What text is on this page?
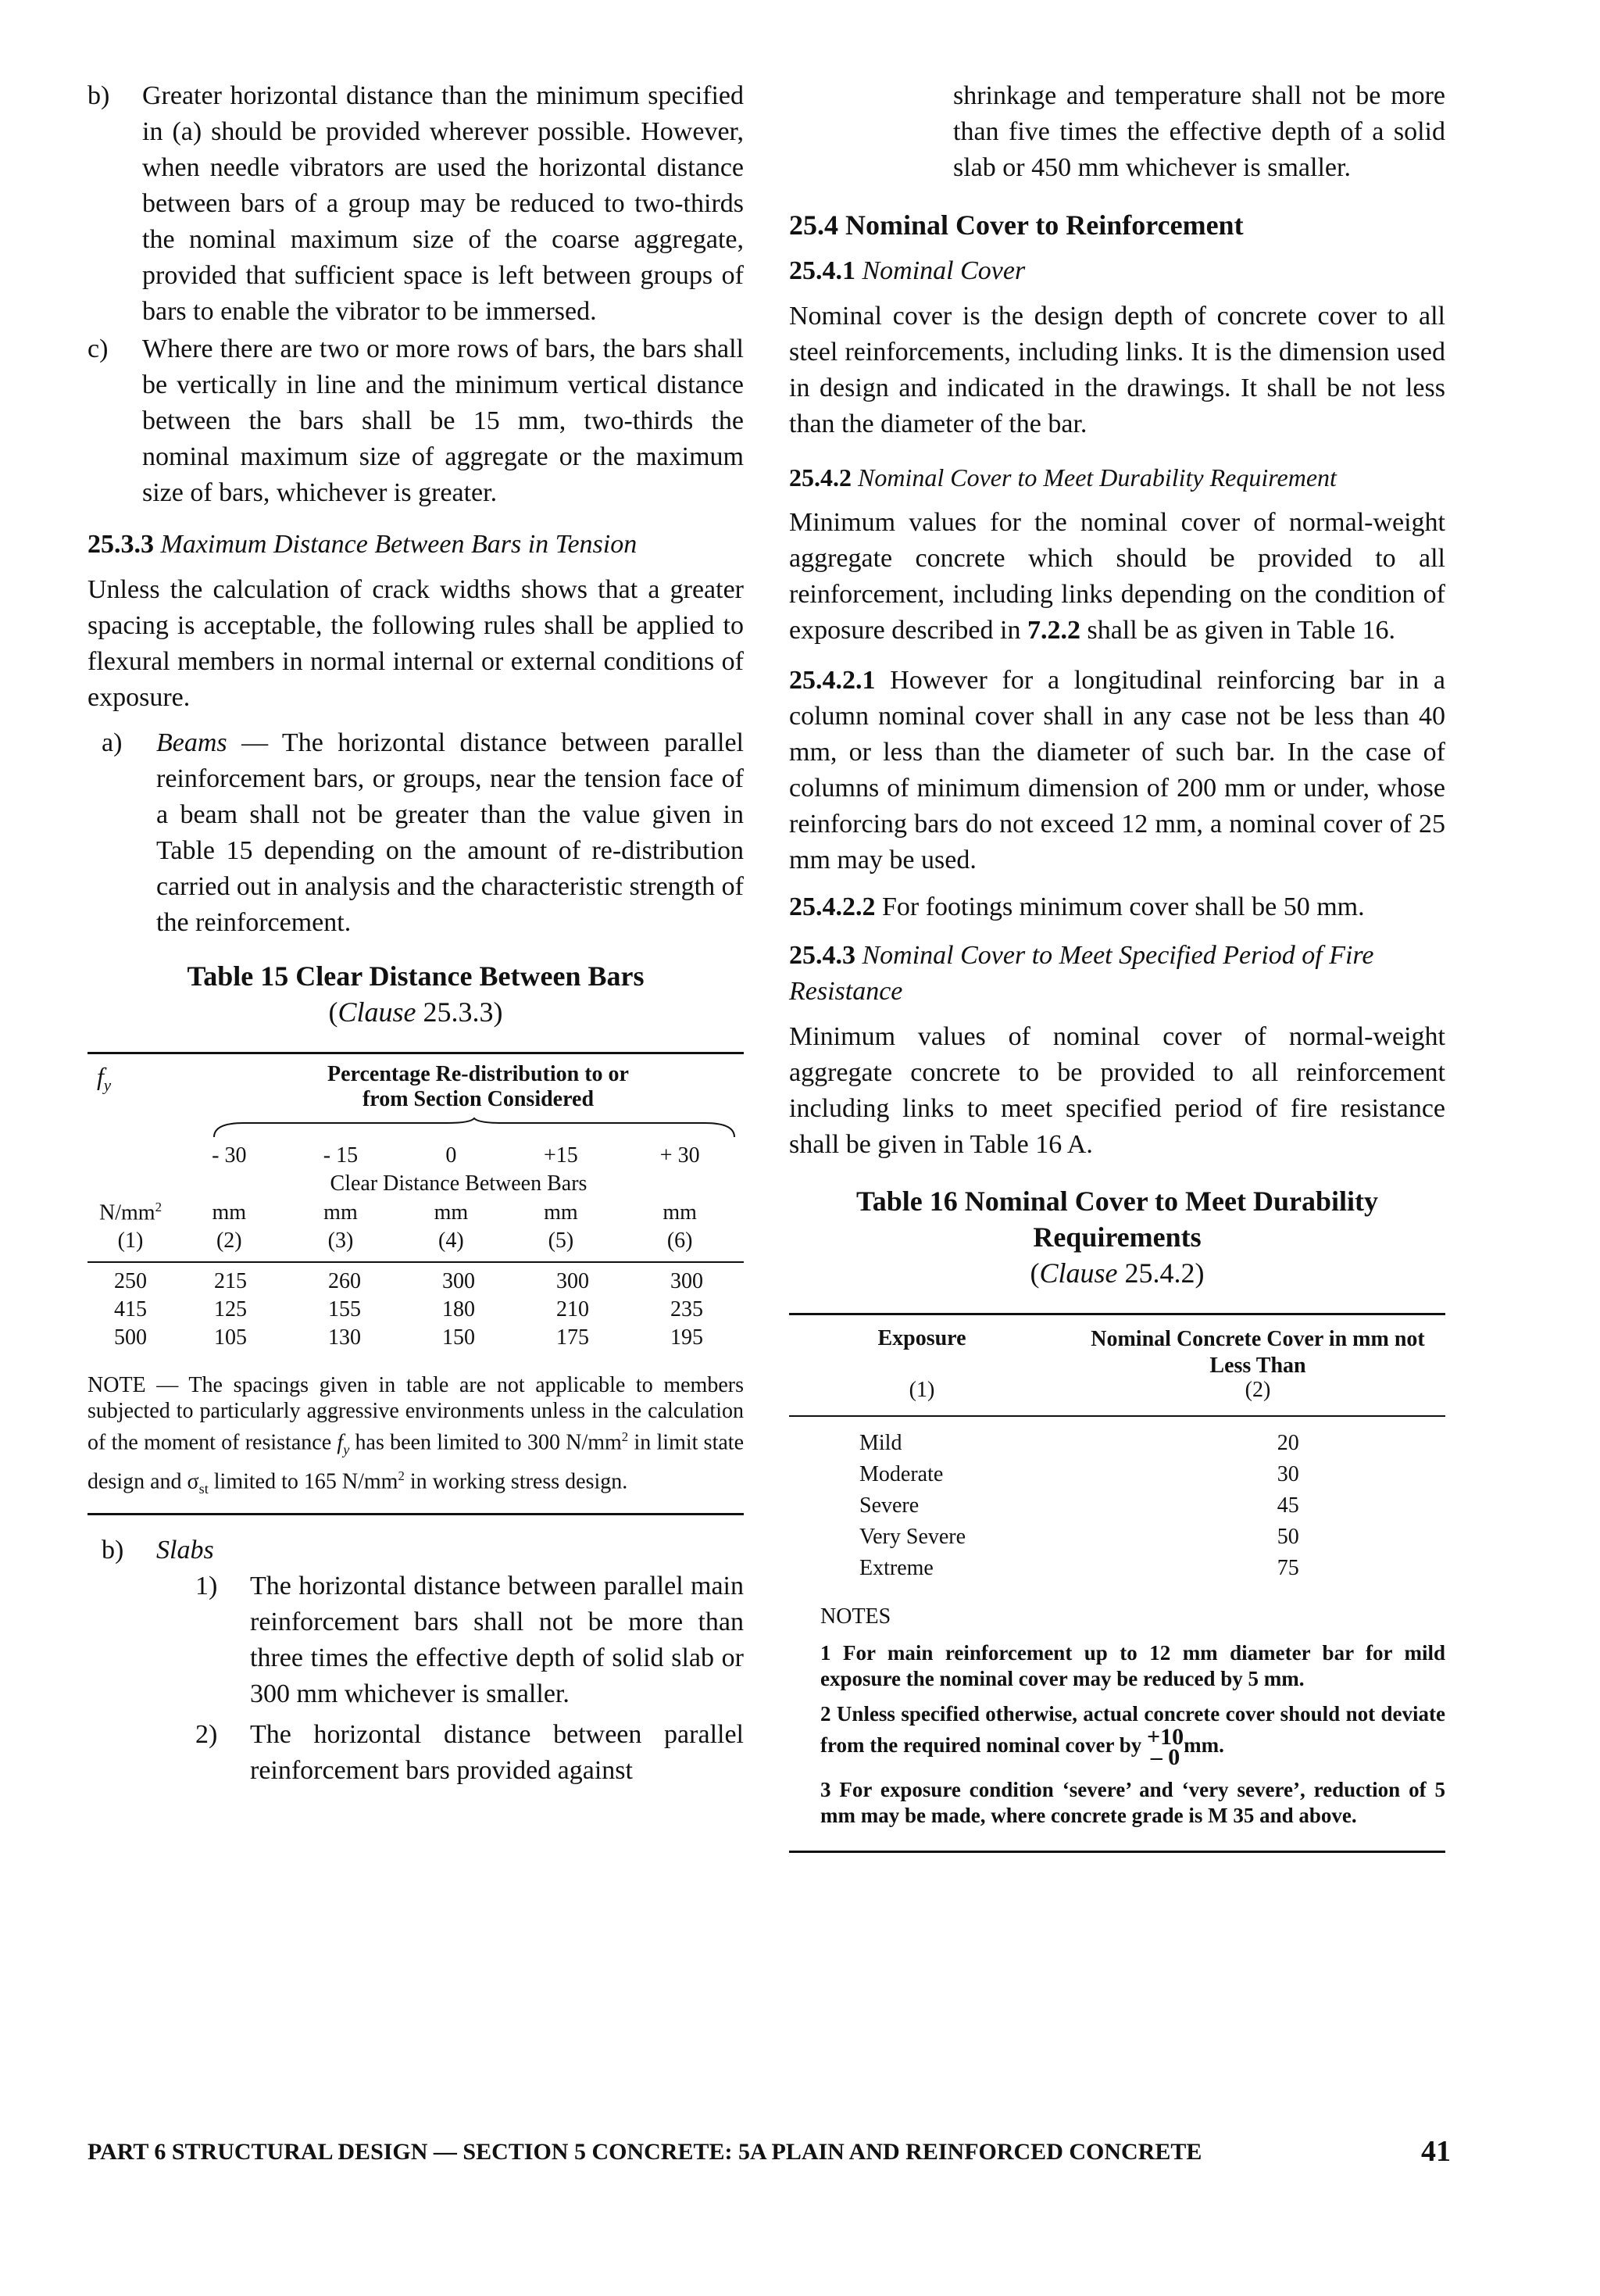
b)	Greater horizontal distance than the minimum specified in (a) should be provided wherever possible. However, when needle vibrators are used the horizontal distance between bars of a group may be reduced to two-thirds the nominal maximum size of the coarse aggregate, provided that sufficient space is left between groups of bars to enable the vibrator to be immersed.
c)	Where there are two or more rows of bars, the bars shall be vertically in line and the minimum vertical distance between the bars shall be 15 mm, two-thirds the nominal maximum size of aggregate or the maximum size of bars, whichever is greater.

25.3.3 Maximum Distance Between Bars in Tension

Unless the calculation of crack widths shows that a greater spacing is acceptable, the following rules shall be applied to flexural members in normal internal or external conditions of exposure.

a)	Beams — The horizontal distance between parallel reinforcement bars, or groups, near the tension face of a beam shall not be greater than the value given in Table 15 depending on the amount of re-distribution carried out in analysis and the characteristic strength of the reinforcement.
Table 15 Clear Distance Between Bars
(Clause 25.3.3)
$f_y$	Percentage Re-distribution to or from Section Considered
	- 30	- 15	0	+15	+ 30
	Clear Distance Between Bars				
$N/mm^2$	mm	mm	mm	mm	mm
(1)	(2)	(3)	(4)	(5)	(6)
250	215	260	300	300	300
415	125	155	180	210	235
500	105	130	150	175	195

NOTE — The spacings given in table are not applicable to members subjected to particularly aggressive environments unless in the calculation of the moment of resistance $f_y$ has been limited to 300 $N/mm^2$ in limit state design and $\sigma_{st}$ limited to 165 $N/mm^2$ in working stress design.

b)	Slabs
1)	The horizontal distance between parallel main reinforcement bars shall not be more than three times the effective depth of solid slab or 300 mm whichever is smaller.
2)	The horizontal distance between parallel reinforcement bars provided against

shrinkage and temperature shall not be more than five times the effective depth of a solid slab or 450 mm whichever is smaller.

25.4 Nominal Cover to Reinforcement

25.4.1 Nominal Cover

Nominal cover is the design depth of concrete cover to all steel reinforcements, including links. It is the dimension used in design and indicated in the drawings. It shall be not less than the diameter of the bar.

25.4.2 Nominal Cover to Meet Durability Requirement

Minimum values for the nominal cover of normal-weight aggregate concrete which should be provided to all reinforcement, including links depending on the condition of exposure described in 7.2.2 shall be as given in Table 16.

25.4.2.1 However for a longitudinal reinforcing bar in a column nominal cover shall in any case not be less than 40 mm, or less than the diameter of such bar. In the case of columns of minimum dimension of 200 mm or under, whose reinforcing bars do not exceed 12 mm, a nominal cover of 25 mm may be used.

25.4.2.2 For footings minimum cover shall be 50 mm.

25.4.3 Nominal Cover to Meet Specified Period of Fire Resistance

Minimum values of nominal cover of normal-weight aggregate concrete to be provided to all reinforcement including links to meet specified period of fire resistance shall be given in Table 16 A.

Table 16 Nominal Cover to Meet Durability Requirements
(Clause 25.4.2)
Exposure	Nominal Concrete Cover in mm not Less Than
(1)	(2)
Mild	20
Moderate	30
Severe	45
Very Severe	50
Extreme	75

NOTES

1 For main reinforcement up to 12 mm diameter bar for mild exposure the nominal cover may be reduced by 5 mm.

2 Unless specified otherwise, actual concrete cover should not deviate from the required nominal cover by +10
– 0 mm.

3 For exposure condition ‘severe’ and ‘very severe’, reduction of 5 mm may be made, where concrete grade is M 35 and above.

PART 6 STRUCTURAL DESIGN — SECTION 5 CONCRETE: 5A PLAIN AND REINFORCED CONCRETE	41
